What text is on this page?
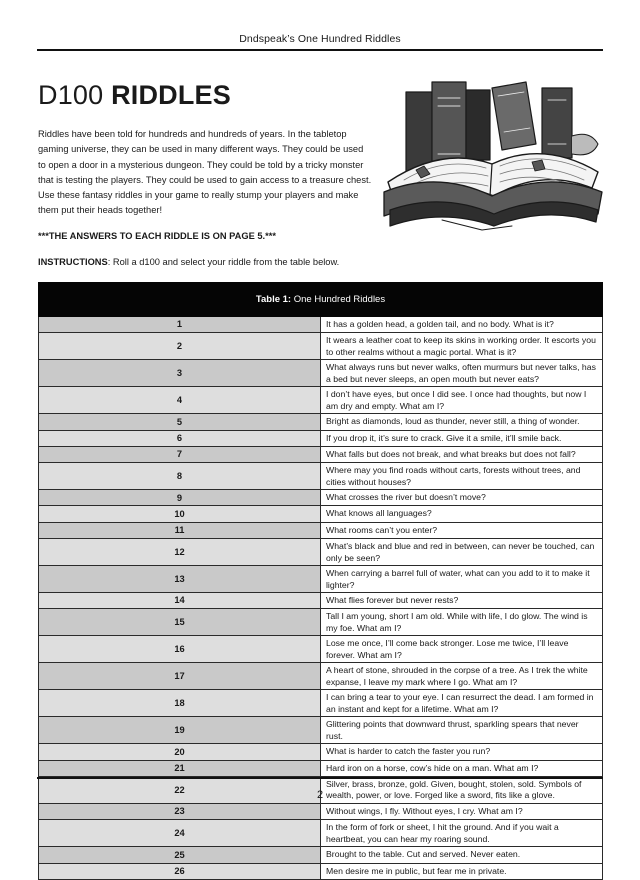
Dndspeak’s One Hundred Riddles
D100 RIDDLES

Riddles have been told for hundreds and hundreds of years. In the tabletop gaming universe, they can be used in many different ways. They could be used to open a door in a mysterious dungeon. They could be told by a tricky monster that is testing the players. They could be used to gain access to a treasure chest. Use these fantasy riddles in your game to really stump your players and make them put their heads together!

***THE ANSWERS TO EACH RIDDLE IS ON PAGE 5.***

INSTRUCTIONS: Roll a d100 and select your riddle from the table below.

Table 1: One Hundred Riddles	
1	It has a golden head, a golden tail, and no body. What is it?
2	It wears a leather coat to keep its skins in working order. It escorts you to other realms without a magic portal. What is it?
3	What always runs but never walks, often murmurs but never talks, has a bed but never sleeps, an open mouth but never eats?
4	I don’t have eyes, but once I did see. I once had thoughts, but now I am dry and empty. What am I?
5	Bright as diamonds, loud as thunder, never still, a thing of wonder.
6	If you drop it, it’s sure to crack. Give it a smile, it’ll smile back.
7	What falls but does not break, and what breaks but does not fall?
8	Where may you find roads without carts, forests without trees, and cities without houses?
9	What crosses the river but doesn’t move?
10	What knows all languages?
11	What rooms can’t you enter?
12	What’s black and blue and red in between, can never be touched, can only be seen?
13	When carrying a barrel full of water, what can you add to it to make it lighter?
14	What flies forever but never rests?
15	Tall I am young, short I am old. While with life, I do glow. The wind is my foe. What am I?
16	Lose me once, I’ll come back stronger. Lose me twice, I’ll leave forever. What am I?
17	A heart of stone, shrouded in the corpse of a tree. As I trek the white expanse, I leave my mark where I go. What am I?
18	I can bring a tear to your eye. I can resurrect the dead. I am formed in an instant and kept for a lifetime. What am I?
19	Glittering points that downward thrust, sparkling spears that never rust.
20	What is harder to catch the faster you run?
21	Hard iron on a horse, cow’s hide on a man. What am I?
22	Silver, brass, bronze, gold. Given, bought, stolen, sold. Symbols of wealth, power, or love. Forged like a sword, fits like a glove.
23	Without wings, I fly. Without eyes, I cry. What am I?
24	In the form of fork or sheet, I hit the ground. And if you wait a heartbeat, you can hear my roaring sound.
25	Brought to the table. Cut and served. Never eaten.
26	Men desire me in public, but fear me in private.
2
